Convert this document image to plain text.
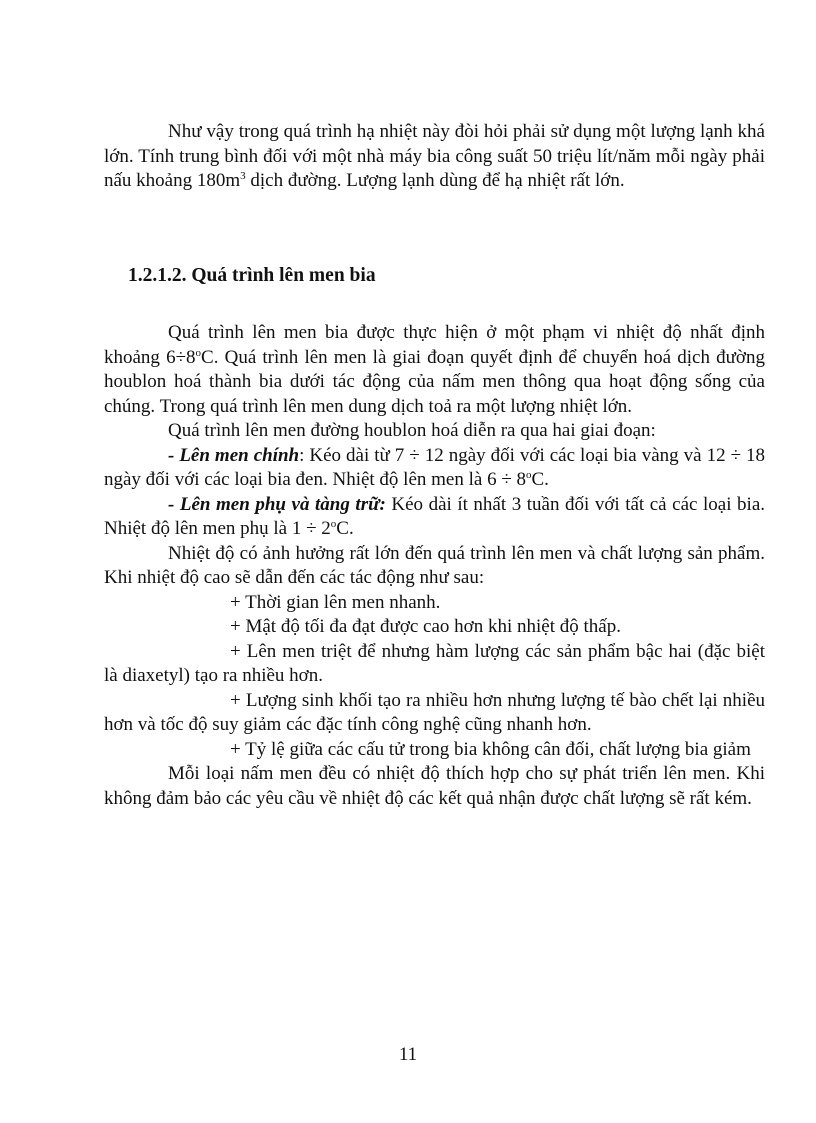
Như vậy trong quá trình hạ nhiệt này đòi hỏi phải sử dụng một lượng lạnh khá lớn. Tính trung bình đối với một nhà máy bia công suất 50 triệu lít/năm mỗi ngày phải nấu khoảng $180m^3$ dịch đường. Lượng lạnh dùng để hạ nhiệt rất lớn.

1.2.1.2. Quá trình lên men bia

Quá trình lên men bia được thực hiện ở một phạm vi nhiệt độ nhất định khoảng $6\div 8^oC$. Quá trình lên men là giai đoạn quyết định để chuyển hoá dịch đường houblon hoá thành bia dưới tác động của nấm men thông qua hoạt động sống của chúng. Trong quá trình lên men dung dịch toả ra một lượng nhiệt lớn.

Quá trình lên men đường houblon hoá diễn ra qua hai giai đoạn:

- Lên men chính: Kéo dài từ 7 ÷ 12 ngày đối với các loại bia vàng và 12 ÷ 18 ngày đối với các loại bia đen. Nhiệt độ lên men là $6 \div 8^oC$.

- Lên men phụ và tàng trữ: Kéo dài ít nhất 3 tuần đối với tất cả các loại bia. Nhiệt độ lên men phụ là $1 \div 2^oC$.

Nhiệt độ có ảnh hưởng rất lớn đến quá trình lên men và chất lượng sản phẩm. Khi nhiệt độ cao sẽ dẫn đến các tác động như sau:

+ Thời gian lên men nhanh.

+ Mật độ tối đa đạt được cao hơn khi nhiệt độ thấp.

+ Lên men triệt để nhưng hàm lượng các sản phẩm bậc hai (đặc biệt là diaxetyl) tạo ra nhiều hơn.

+ Lượng sinh khối tạo ra nhiều hơn nhưng lượng tế bào chết lại nhiều hơn và tốc độ suy giảm các đặc tính công nghệ cũng nhanh hơn.

+ Tỷ lệ giữa các cấu tử trong bia không cân đối, chất lượng bia giảm

Mỗi loại nấm men đều có nhiệt độ thích hợp cho sự phát triển lên men. Khi không đảm bảo các yêu cầu về nhiệt độ các kết quả nhận được chất lượng sẽ rất kém.

11
